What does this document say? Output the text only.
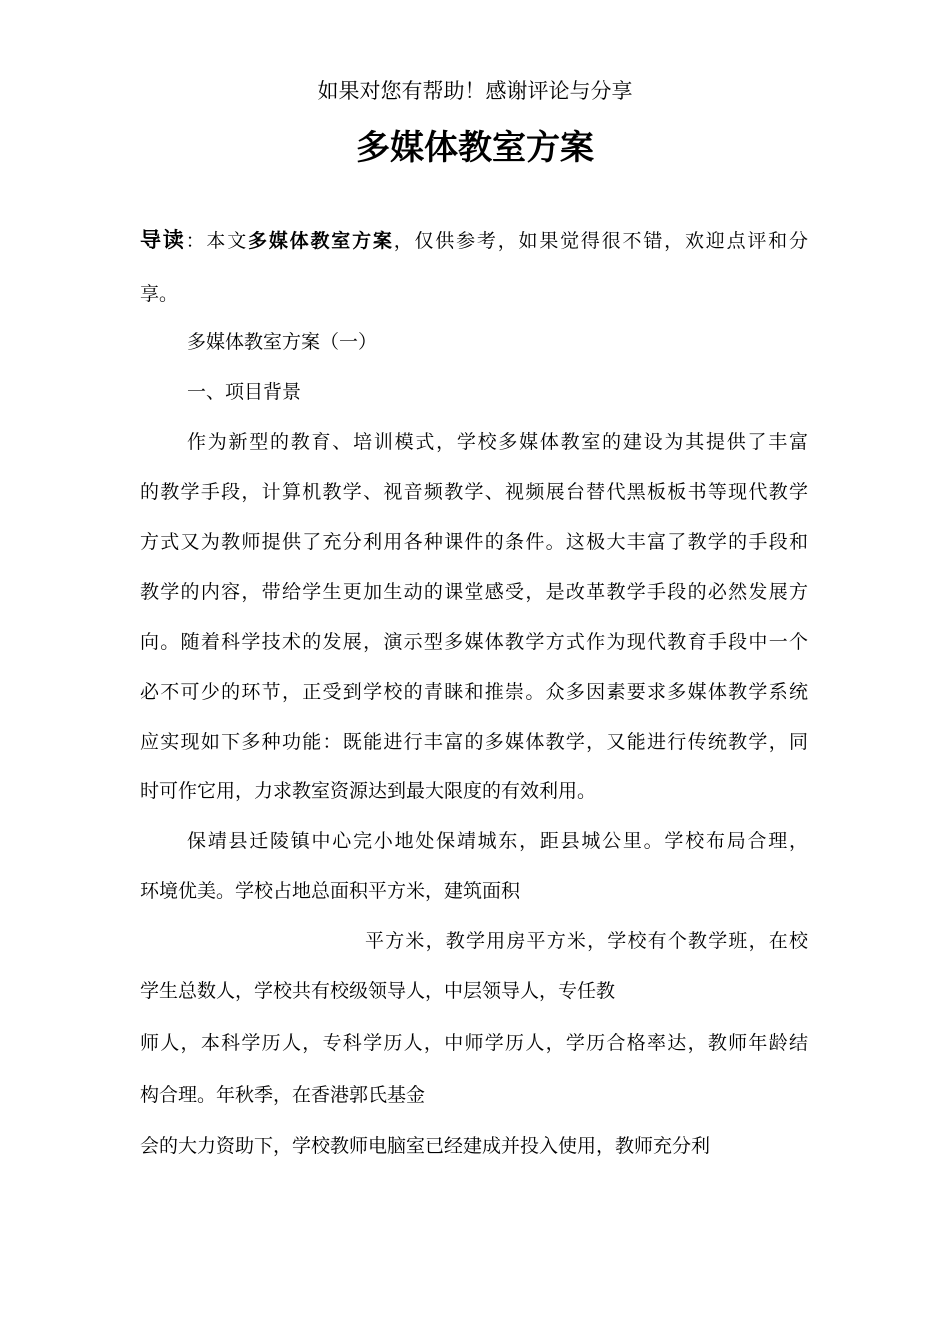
如果对您有帮助！感谢评论与分享
多媒体教室方案
导读：本文多媒体教室方案，仅供参考，如果觉得很不错，欢迎点评和分
享。
多媒体教室方案（一）
一、项目背景
作为新型的教育、培训模式，学校多媒体教室的建设为其提供了丰富
的教学手段，计算机教学、视音频教学、视频展台替代黑板板书等现代教学
方式又为教师提供了充分利用各种课件的条件。这极大丰富了教学的手段和
教学的内容，带给学生更加生动的课堂感受，是改革教学手段的必然发展方
向。随着科学技术的发展，演示型多媒体教学方式作为现代教育手段中一个
必不可少的环节，正受到学校的青睐和推崇。众多因素要求多媒体教学系统
应实现如下多种功能：既能进行丰富的多媒体教学，又能进行传统教学，同
时可作它用，力求教室资源达到最大限度的有效利用。
保靖县迁陵镇中心完小地处保靖城东，距县城公里。学校布局合理，
环境优美。学校占地总面积平方米，建筑面积
平方米，教学用房平方米，学校有个教学班，在校
学生总数人，学校共有校级领导人，中层领导人，专任教
师人，本科学历人，专科学历人，中师学历人，学历合格率达，教师年龄结
构合理。年秋季，在香港郭氏基金
会的大力资助下，学校教师电脑室已经建成并投入使用，教师充分利
